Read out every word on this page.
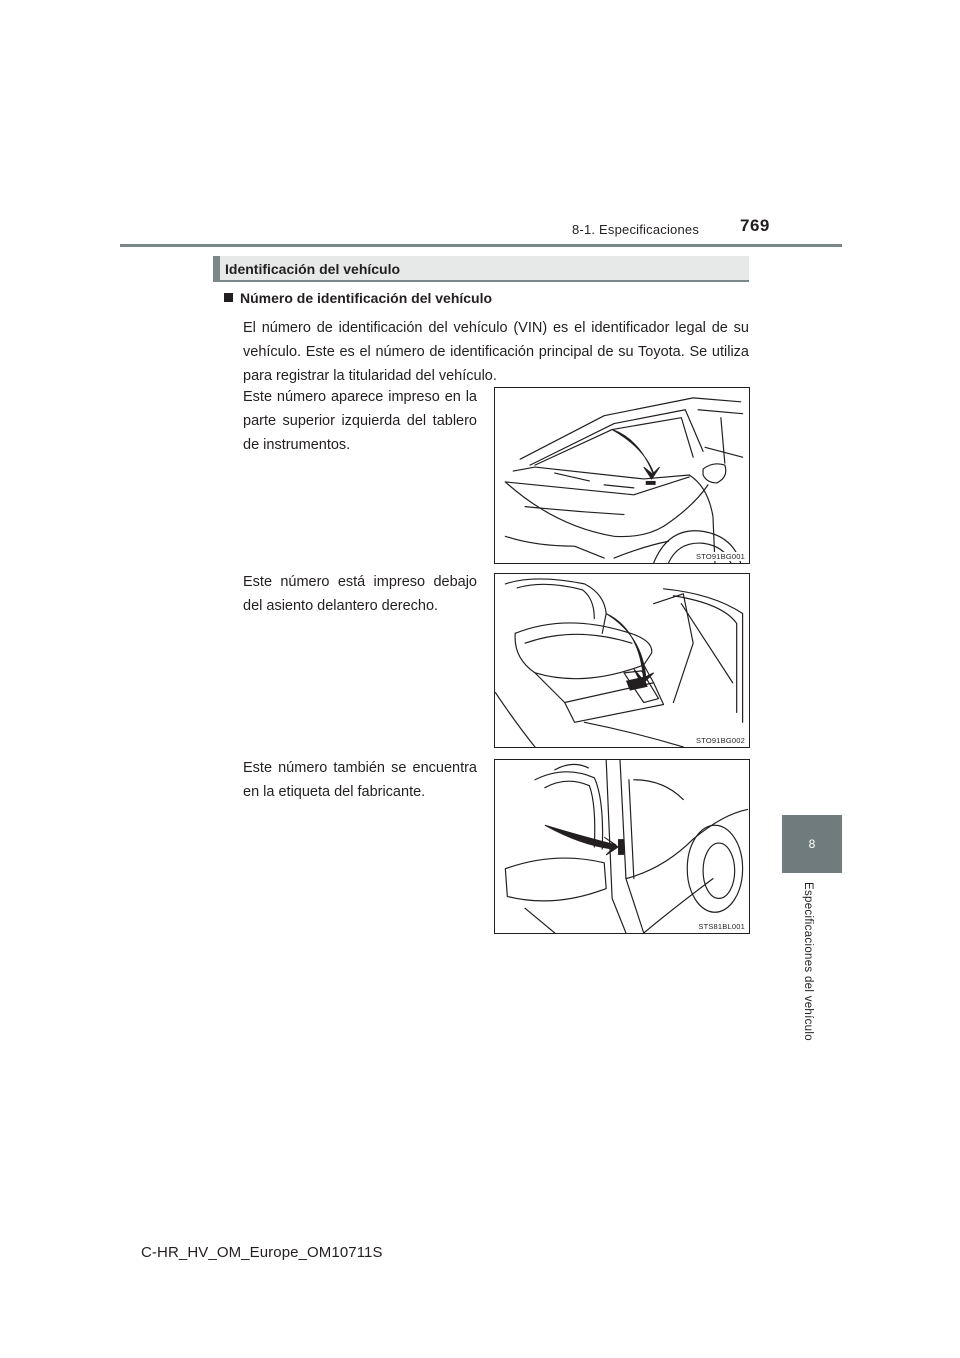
8-1. Especificaciones 769
8
Especificaciones del vehículo
Identificación del vehículo
Número de identificación del vehículo
El número de identificación del vehículo (VIN) es el identificador legal de su vehículo. Este es el número de identificación principal de su Toyota. Se utiliza para registrar la titularidad del vehículo.
Este número aparece impreso en la parte superior izquierda del tablero de instrumentos.
STO91BG001
Este número está impreso debajo del asiento delantero derecho.
STO91BG002
Este número también se encuentra en la etiqueta del fabricante.
STS81BL001
C-HR_HV_OM_Europe_OM10711S
